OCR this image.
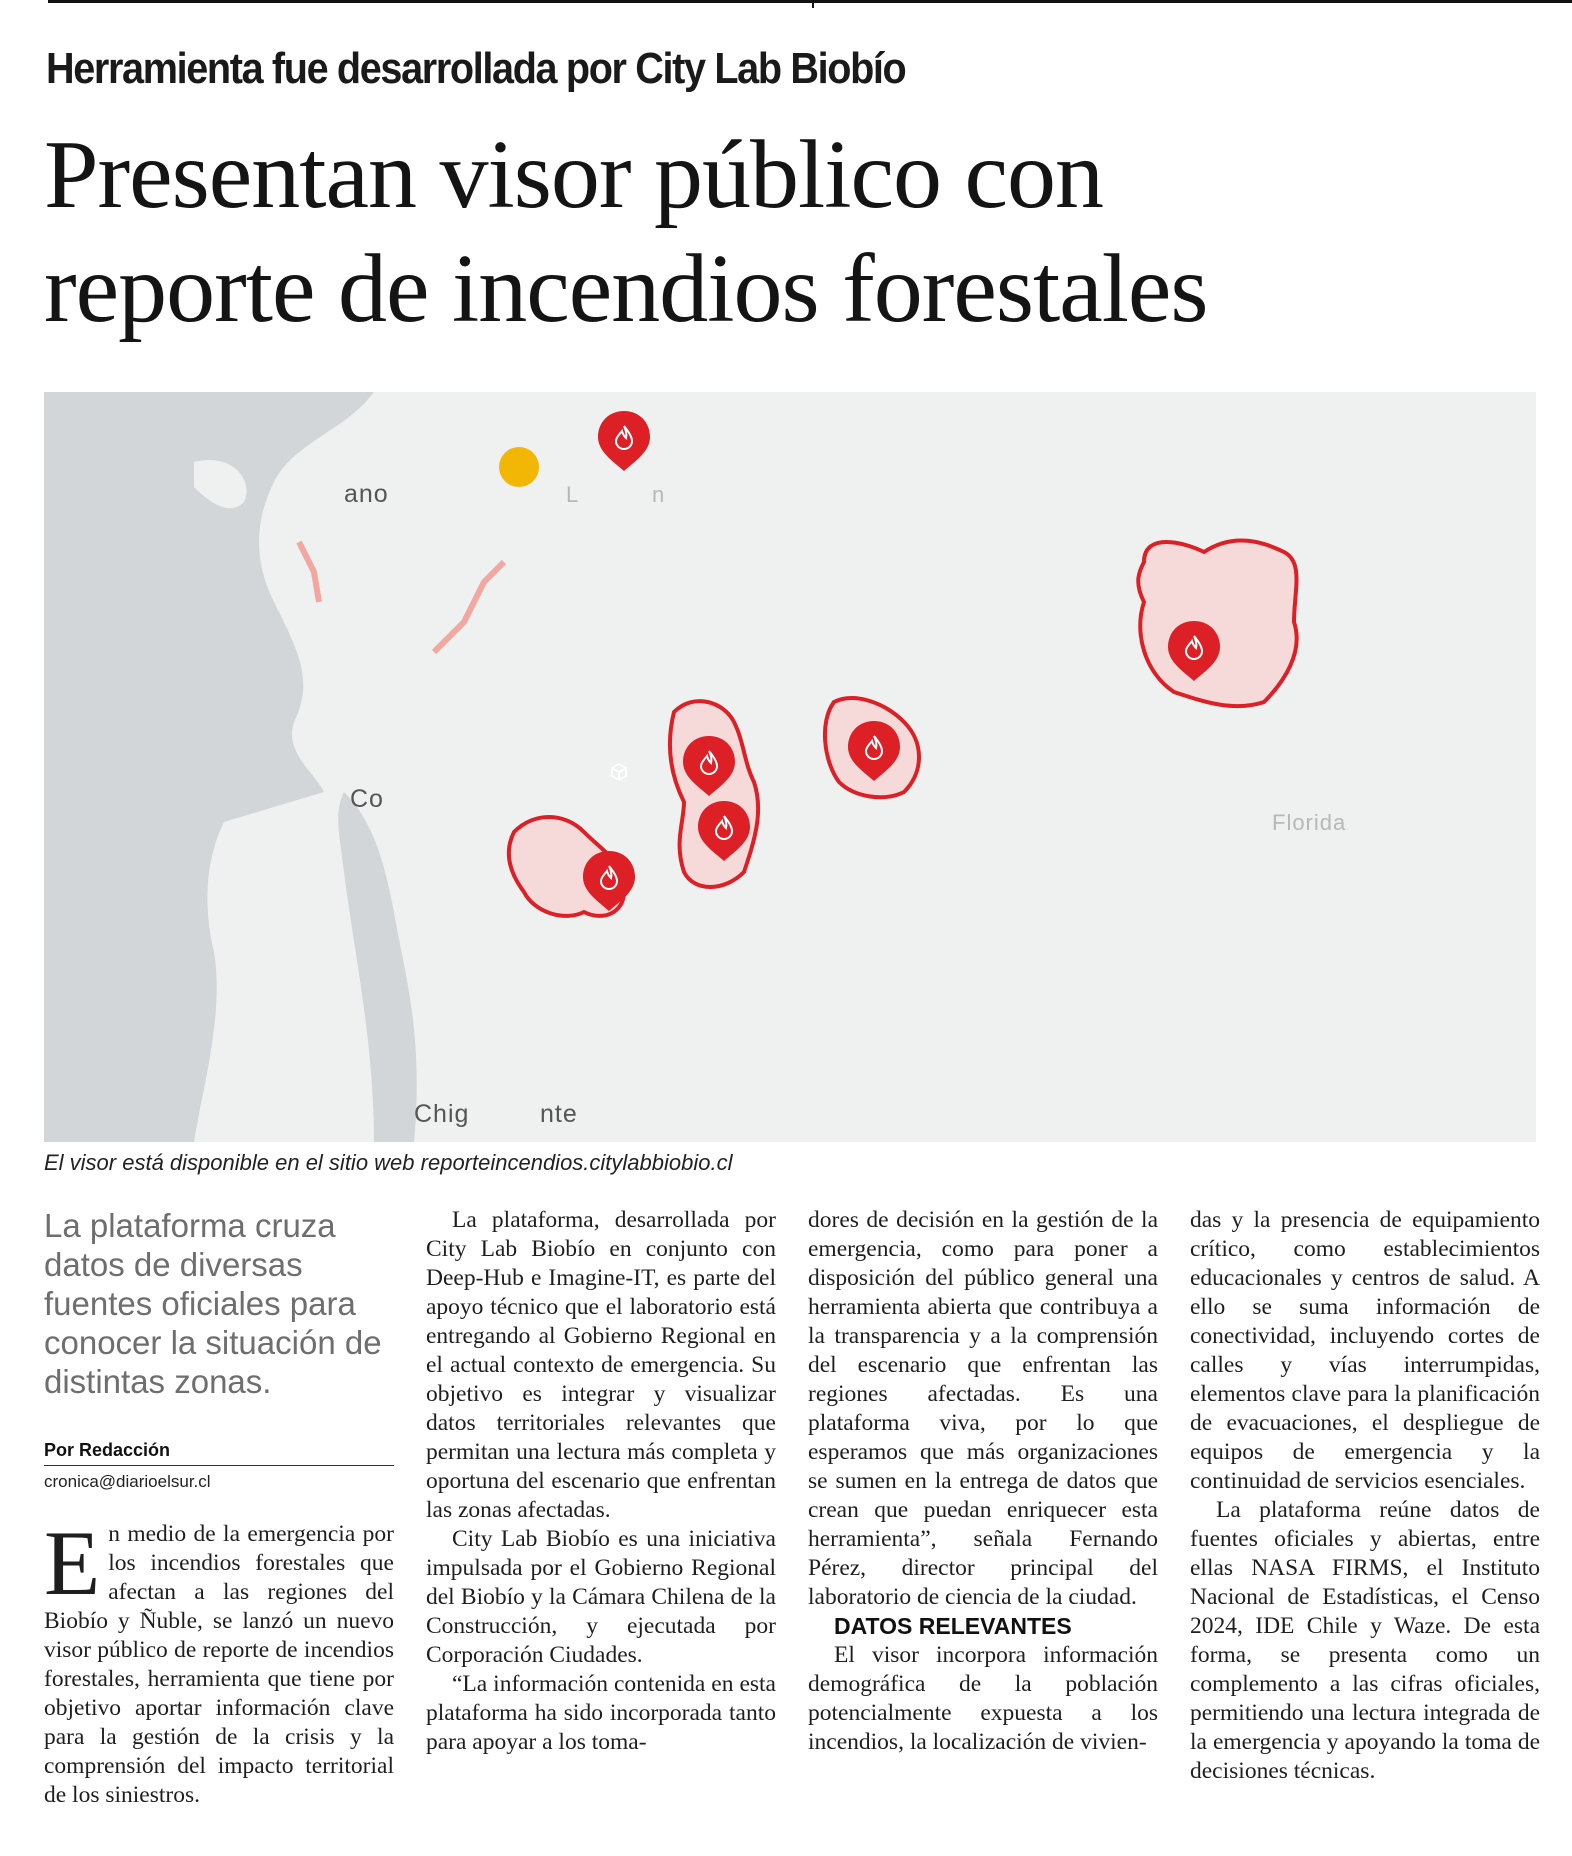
Herramienta fue desarrollada por City Lab Biobío
Presentan visor público con
reporte de incendios forestales
ano	L	n
Co
Florida
Chig	nte
El visor está disponible en el sitio web reporteincendios.citylabbiobio.cl
La plataforma cruza datos de diversas fuentes oficiales para conocer la situación de distintas zonas.
Por Redacción
cronica@diarioelsur.cl

En medio de la emergencia por los incendios forestales que afectan a las regiones del Biobío y Ñuble, se lanzó un nuevo visor público de reporte de incendios forestales, herramienta que tiene por objetivo aportar información clave para la gestión de la crisis y la comprensión del impacto territorial de los siniestros.

La plataforma, desarrollada por City Lab Biobío en conjunto con Deep-Hub e Imagine-IT, es parte del apoyo técnico que el laboratorio está entregando al Gobierno Regional en el actual contexto de emergencia. Su objetivo es integrar y visualizar datos territoriales relevantes que permitan una lectura más completa y oportuna del escenario que enfrentan las zonas afectadas.

City Lab Biobío es una iniciativa impulsada por el Gobierno Regional del Biobío y la Cámara Chilena de la Construcción, y ejecutada por Corporación Ciudades.

“La información contenida en esta plataforma ha sido incorporada tanto para apoyar a los toma-

dores de decisión en la gestión de la emergencia, como para poner a disposición del público general una herramienta abierta que contribuya a la transparencia y a la comprensión del escenario que enfrentan las regiones afectadas. Es una plataforma viva, por lo que esperamos que más organizaciones se sumen en la entrega de datos que crean que puedan enriquecer esta herramienta”, señala Fernando Pérez, director principal del laboratorio de ciencia de la ciudad.

DATOS RELEVANTES

El visor incorpora información demográfica de la población potencialmente expuesta a los incendios, la localización de vivien-

das y la presencia de equipamiento crítico, como establecimientos educacionales y centros de salud. A ello se suma información de conectividad, incluyendo cortes de calles y vías interrumpidas, elementos clave para la planificación de evacuaciones, el despliegue de equipos de emergencia y la continuidad de servicios esenciales.

La plataforma reúne datos de fuentes oficiales y abiertas, entre ellas NASA FIRMS, el Instituto Nacional de Estadísticas, el Censo 2024, IDE Chile y Waze. De esta forma, se presenta como un complemento a las cifras oficiales, permitiendo una lectura integrada de la emergencia y apoyando la toma de decisiones técnicas.
